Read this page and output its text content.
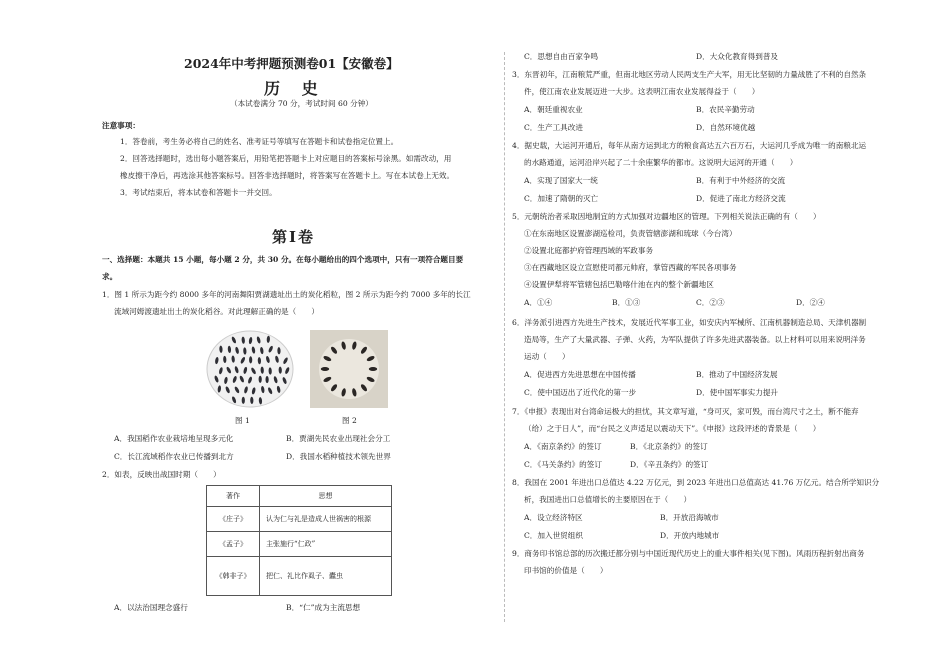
2024年中考押题预测卷01【安徽卷】
历 史
（本试卷满分 70 分，考试时间 60 分钟）
注意事项：
1．答卷前，考生务必将自己的姓名、准考证号等填写在答题卡和试卷指定位置上。
2．回答选择题时，选出每小题答案后，用铅笔把答题卡上对应题目的答案标号涂黑。如需改动，用
橡皮擦干净后，再选涂其他答案标号。回答非选择题时，将答案写在答题卡上。写在本试卷上无效。
3．考试结束后，将本试卷和答题卡一并交回。
第Ⅰ卷
一、选择题：本题共 15 小题，每小题 2 分，共 30 分。在每小题给出的四个选项中，只有一项符合题目要
求。
1．图 1 所示为距今约 8000 多年的河南舞阳贾湖遗址出土的炭化稻粒，图 2 所示为距今约 7000 多年的长江
流域河姆渡遗址出土的炭化稻谷。对此理解正确的是（　　）
图 1	图 2
A．我国稻作农业栽培地呈现多元化	B．贾湖先民农业出现社会分工
C．长江流域稻作农业已传播到北方	D．我国水稻种植技术领先世界
2．如表，反映出战国时期（　　）
著作	思想
《庄子》	认为仁与礼是造成人世祸害的根源
《孟子》	主张施行“仁政”
《韩非子》	把仁、礼比作虱子、蠹虫
A．以法治国理念盛行	B．“仁”成为主流思想
C．思想自由百家争鸣	D．大众化教育得到普及
3．东晋初年，江南粮荒严重，但南北地区劳动人民两支生产大军，用无比坚韧的力量战胜了不利的自然条
件，使江南农业发展迈进一大步。这表明江南农业发展得益于（　　）
A．朝廷重视农业	B．农民辛勤劳动
C．生产工具改进	D．自然环境优越
4．据史载，大运河开通后，每年从南方运到北方的粮食高达五六百万石，大运河几乎成为唯一的南粮北运
的水路通道，运河沿岸兴起了二十余座繁华的都市。这说明大运河的开通（　　）
A．实现了国家大一统	B．有利于中外经济的交流
C．加速了隋朝的灭亡	D．促进了南北方经济交流
5．元朝统治者采取因地制宜的方式加强对边疆地区的管理。下列相关说法正确的有（　　）
①在东南地区设置澎湖巡检司，负责管辖澎湖和琉球（今台湾）
②设置北庭都护府管理西域的军政事务
③在西藏地区设立宣慰使司都元帅府，掌管西藏的军民各项事务
④设置伊犁将军管辖包括巴勒喀什池在内的整个新疆地区
A．①④	B．①③	C．②③	D．②④
6．洋务派引进西方先进生产技术，发展近代军事工业，如安庆内军械所、江南机器制造总局、天津机器制
造局等，生产了大量武器、子弹、火药，为军队提供了许多先进武器装备。以上材料可以用来说明洋务
运动（　　）
A．促进西方先进思想在中国传播	B．推动了中国经济发展
C．使中国迈出了近代化的第一步	D．使中国军事实力提升
7．《申报》表现出对台湾命运极大的担忧，其文章写道，“身可灭，家可毁，而台湾尺寸之土，断不能弃
（给）之于日人”，而“台民之义声适足以震动天下”。《申报》这段评述的背景是（　　）
A．《南京条约》的签订	B．《北京条约》的签订
C．《马关条约》的签订	D．《辛丑条约》的签订
8．我国在 2001 年进出口总值达 4.22 万亿元，到 2023 年进出口总值高达 41.76 万亿元。结合所学知识分
析，我国进出口总值增长的主要原因在于（　　）
A．设立经济特区	B．开放沿海城市
C．加入世贸组织	D．开放内地城市
9．商务印书馆总部的历次搬迁都分别与中国近现代历史上的重大事件相关(见下图)。风雨历程折射出商务
印书馆的价值是（　　）
